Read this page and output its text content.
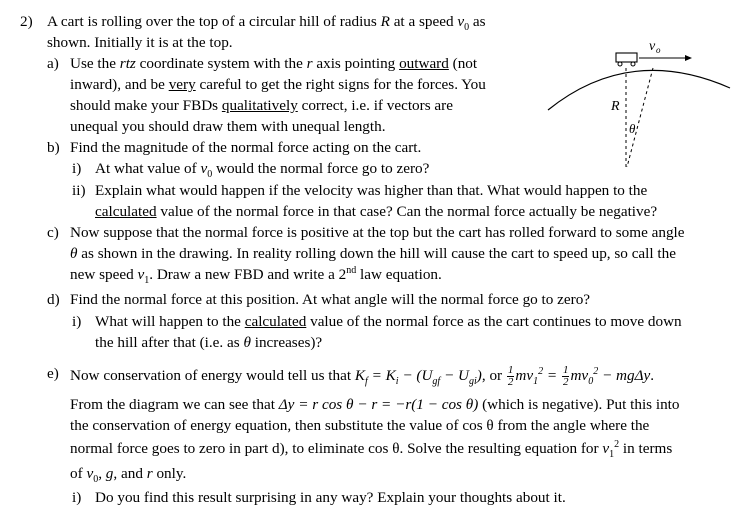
2) A cart is rolling over the top of a circular hill of radius R at a speed $v_0$ as
shown. Initially it is at the top.	v o
R
θ
a) Use the rtz coordinate system with the r axis pointing outward (not
inward), and be very careful to get the right signs for the forces. You
should make your FBDs qualitatively correct, i.e. if vectors are
unequal you should draw them with unequal length.
b) Find the magnitude of the normal force acting on the cart.
i) At what value of $v_0$ would the normal force go to zero?
ii) Explain what would happen if the velocity was higher than that. What would happen to the
calculated value of the normal force in that case? Can the normal force actually be negative?
c) Now suppose that the normal force is positive at the top but the cart has rolled forward to some angle
θ as shown in the drawing. In reality rolling down the hill will cause the cart to speed up, so call the
new speed $v_1$. Draw a new FBD and write a 2nd law equation.
d) Find the normal force at this position. At what angle will the normal force go to zero?
i) What will happen to the calculated value of the normal force as the cart continues to move down
the hill after that (i.e. as θ increases)?
e) Now conservation of energy would tell us that $K_f = K_i - (U_{gf} - U_{gi})$, or $\frac{1}{2} mv_1^2 = \frac{1}{2} mv_0^2 - mg\Delta y$.
From the diagram we can see that Δy = r cos θ − r = −r(1 − cos θ) (which is negative). Put this into
the conservation of energy equation, then substitute the value of cos θ from the angle where the
normal force goes to zero in part d), to eliminate cos θ. Solve the resulting equation for $v_1^2$ in terms
of $v_0$, g, and r only.
i) Do you find this result surprising in any way? Explain your thoughts about it.
